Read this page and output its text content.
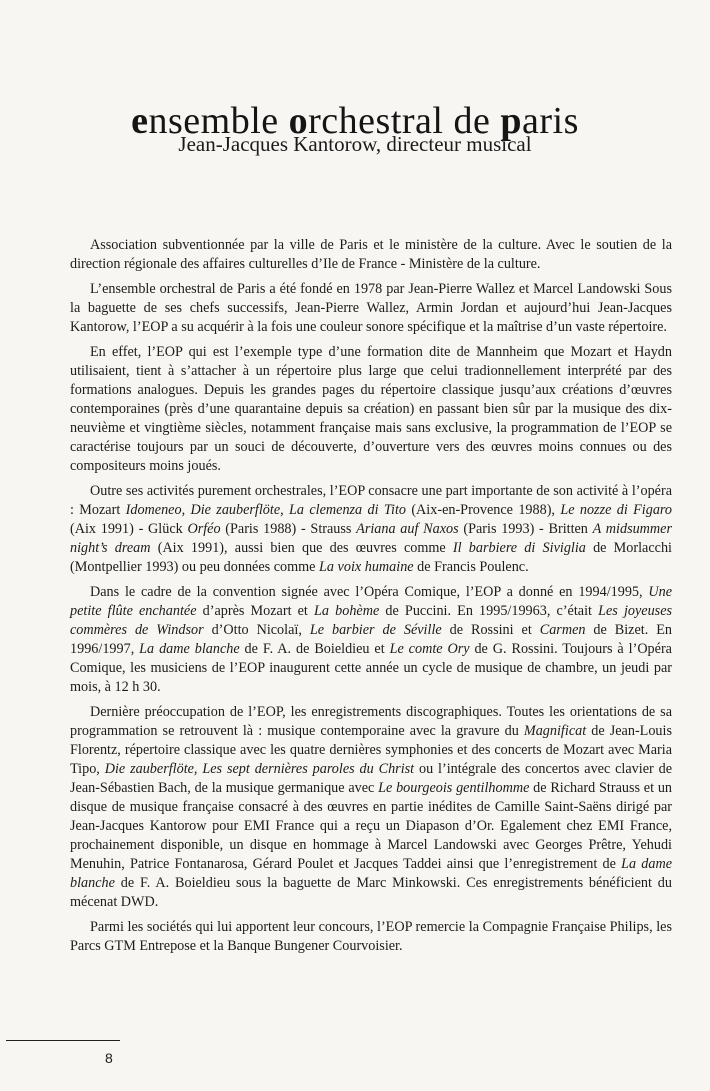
ensemble orchestral de paris
Jean-Jacques Kantorow, directeur musical

Association subventionnée par la ville de Paris et le ministère de la culture. Avec le soutien de la direction régionale des affaires culturelles d’Ile de France - Ministère de la culture.

L’ensemble orchestral de Paris a été fondé en 1978 par Jean-Pierre Wallez et Marcel Landowski Sous la baguette de ses chefs successifs, Jean-Pierre Wallez, Armin Jordan et aujourd’hui Jean-Jacques Kantorow, l’EOP a su acquérir à la fois une couleur sonore spécifique et la maîtrise d’un vaste répertoire.

En effet, l’EOP qui est l’exemple type d’une formation dite de Mannheim que Mozart et Haydn utilisaient, tient à s’attacher à un répertoire plus large que celui tradionnellement interprété par des formations analogues. Depuis les grandes pages du répertoire classique jusqu’aux créations d’œuvres contemporaines (près d’une quarantaine depuis sa création) en passant bien sûr par la musique des dix-neuvième et vingtième siècles, notamment française mais sans exclusive, la programmation de l’EOP se caractérise toujours par un souci de découverte, d’ouverture vers des œuvres moins connues ou des compositeurs moins joués.

Outre ses activités purement orchestrales, l’EOP consacre une part importante de son activité à l’opéra : Mozart Idomeneo, Die zauberflöte, La clemenza di Tito (Aix-en-Provence 1988), Le nozze di Figaro (Aix 1991) - Glück Orféo (Paris 1988) - Strauss Ariana auf Naxos (Paris 1993) - Britten A midsummer night’s dream (Aix 1991), aussi bien que des œuvres comme Il barbiere di Siviglia de Morlacchi (Montpellier 1993) ou peu données comme La voix humaine de Francis Poulenc.

Dans le cadre de la convention signée avec l’Opéra Comique, l’EOP a donné en 1994/1995, Une petite flûte enchantée d’après Mozart et La bohème de Puccini. En 1995/19963, c’était Les joyeuses commères de Windsor d’Otto Nicolaï, Le barbier de Séville de Rossini et Carmen de Bizet. En 1996/1997, La dame blanche de F. A. de Boieldieu et Le comte Ory de G. Rossini. Toujours à l’Opéra Comique, les musiciens de l’EOP inaugurent cette année un cycle de musique de chambre, un jeudi par mois, à 12 h 30.

Dernière préoccupation de l’EOP, les enregistrements discographiques. Toutes les orientations de sa programmation se retrouvent là : musique contemporaine avec la gravure du Magnificat de Jean-Louis Florentz, répertoire classique avec les quatre dernières symphonies et des concerts de Mozart avec Maria Tipo, Die zauberflöte, Les sept dernières paroles du Christ ou l’intégrale des concertos avec clavier de Jean-Sébastien Bach, de la musique germanique avec Le bourgeois gentilhomme de Richard Strauss et un disque de musique française consacré à des œuvres en partie inédites de Camille Saint-Saëns dirigé par Jean-Jacques Kantorow pour EMI France qui a reçu un Diapason d’Or. Egalement chez EMI France, prochainement disponible, un disque en hommage à Marcel Landowski avec Georges Prêtre, Yehudi Menuhin, Patrice Fontanarosa, Gérard Poulet et Jacques Taddei ainsi que l’enregistrement de La dame blanche de F. A. Boieldieu sous la baguette de Marc Minkowski. Ces enregistrements bénéficient du mécenat DWD.

Parmi les sociétés qui lui apportent leur concours, l’EOP remercie la Compagnie Française Philips, les Parcs GTM Entrepose et la Banque Bungener Courvoisier.

8
